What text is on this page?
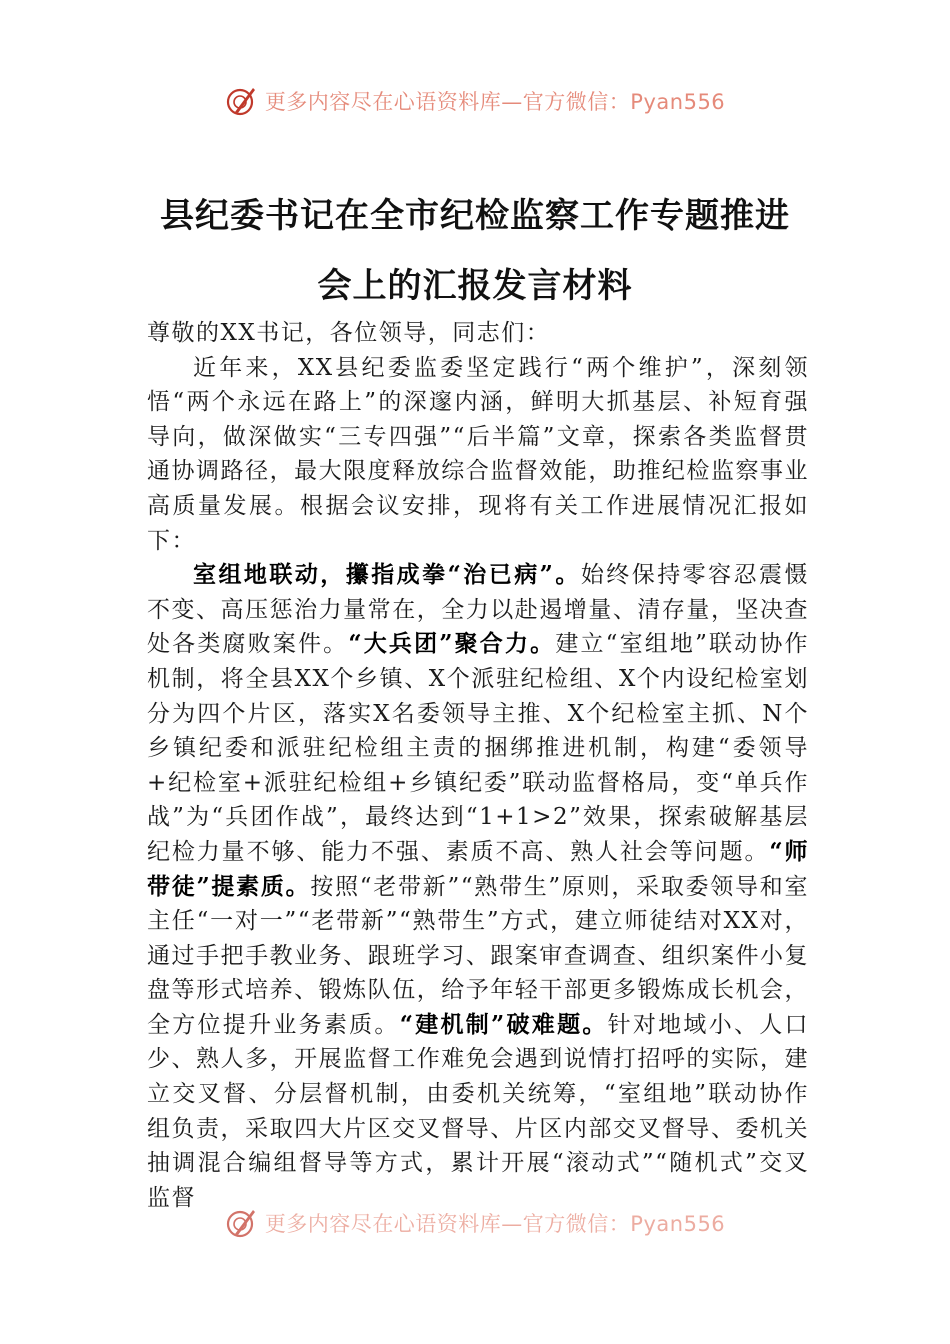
更多内容尽在心语资料库—官方微信：Pyan556
县纪委书记在全市纪检监察工作专题推进
会上的汇报发言材料

尊敬的XX书记，各位领导，同志们：

近年来，XX县纪委监委坚定践行“两个维护”，深刻领悟“两个永远在路上”的深邃内涵，鲜明大抓基层、补短育强导向，做深做实“三专四强”“后半篇”文章，探索各类监督贯通协调路径，最大限度释放综合监督效能，助推纪检监察事业高质量发展。根据会议安排，现将有关工作进展情况汇报如下：

室组地联动，攥指成拳“治已病”。始终保持零容忍震慑不变、高压惩治力量常在，全力以赴遏增量、清存量，坚决查处各类腐败案件。“大兵团”聚合力。建立“室组地”联动协作机制，将全县XX个乡镇、X个派驻纪检组、X个内设纪检室划分为四个片区，落实X名委领导主推、X个纪检室主抓、N个乡镇纪委和派驻纪检组主责的捆绑推进机制，构建“委领导+纪检室+派驻纪检组+乡镇纪委”联动监督格局，变“单兵作战”为“兵团作战”，最终达到“1+1>2”效果，探索破解基层纪检力量不够、能力不强、素质不高、熟人社会等问题。“师带徒”提素质。按照“老带新”“熟带生”原则，采取委领导和室主任“一对一”“老带新”“熟带生”方式，建立师徒结对XX对，通过手把手教业务、跟班学习、跟案审查调查、组织案件小复盘等形式培养、锻炼队伍，给予年轻干部更多锻炼成长机会，全方位提升业务素质。“建机制”破难题。针对地域小、人口少、熟人多，开展监督工作难免会遇到说情打招呼的实际，建立交叉督、分层督机制，由委机关统筹，“室组地”联动协作组负责，采取四大片区交叉督导、片区内部交叉督导、委机关抽调混合编组督导等方式，累计开展“滚动式”“随机式”交叉监督

更多内容尽在心语资料库—官方微信：Pyan556
